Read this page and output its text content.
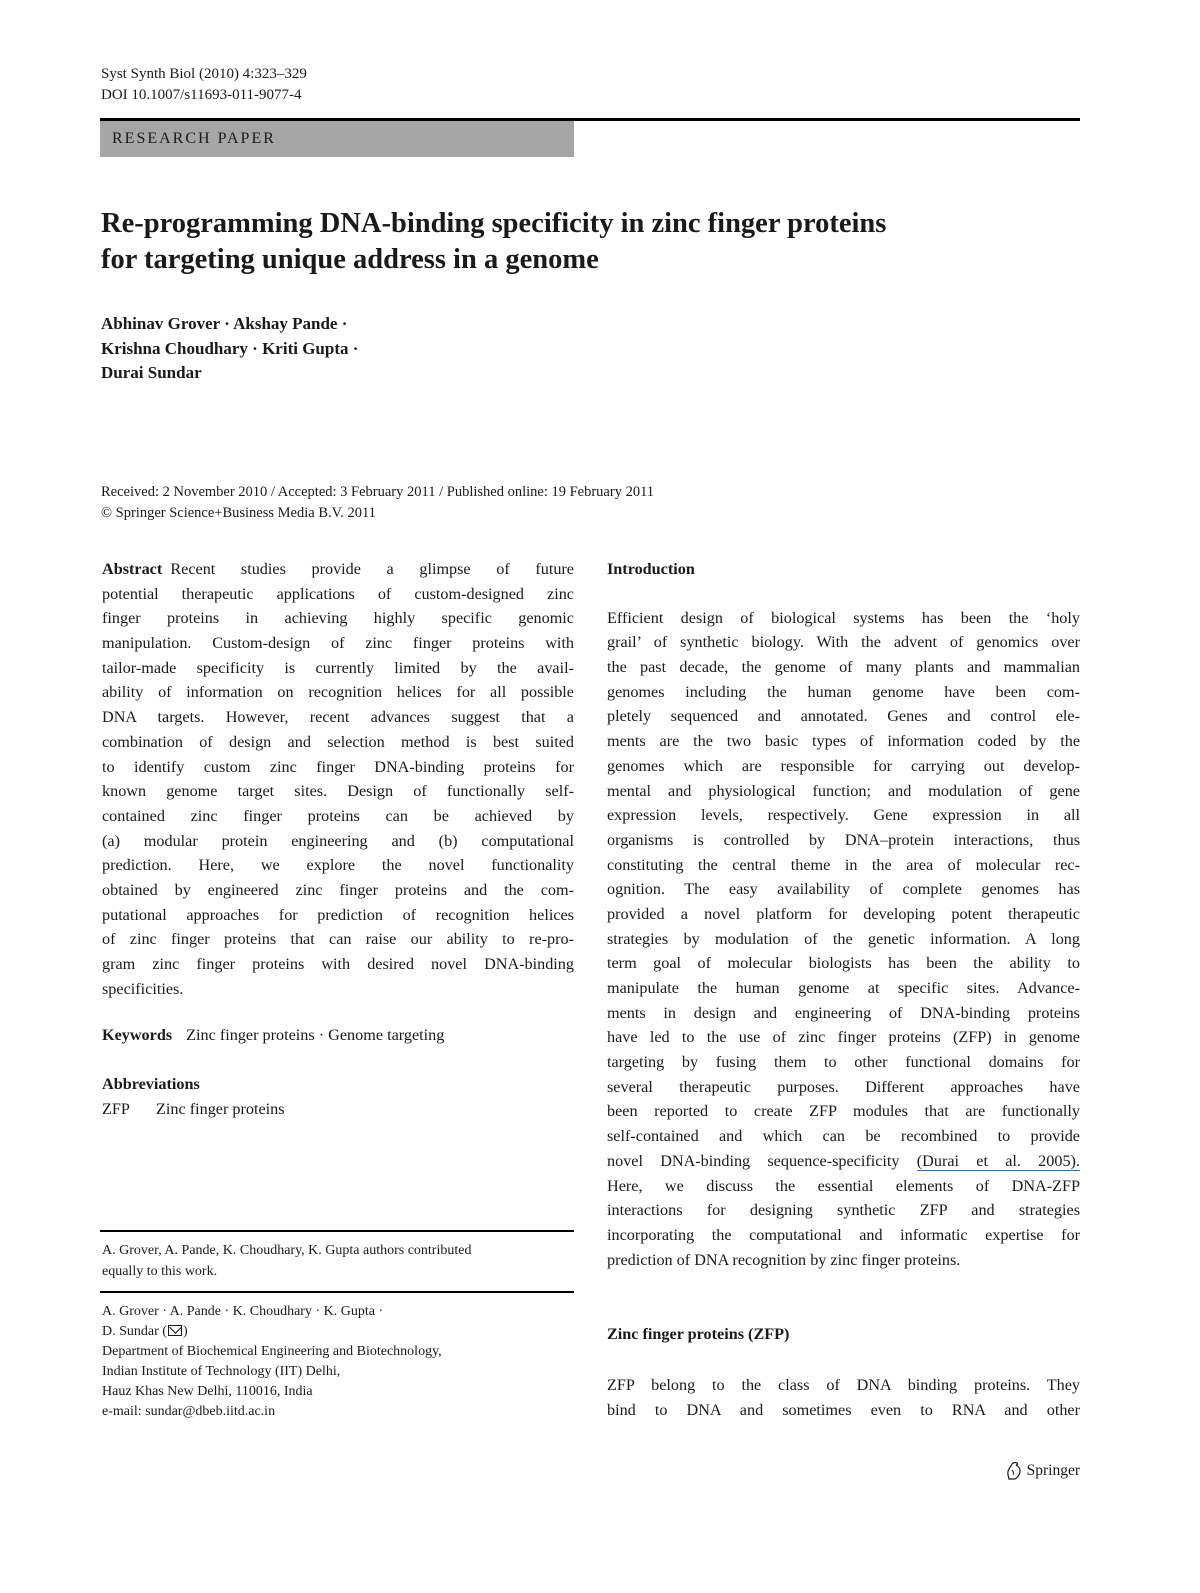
Syst Synth Biol (2010) 4:323–329
DOI 10.1007/s11693-011-9077-4
RESEARCH PAPER
Re-programming DNA-binding specificity in zinc finger proteins
for targeting unique address in a genome
Abhinav Grover · Akshay Pande ·
Krishna Choudhary · Kriti Gupta ·
Durai Sundar
Received: 2 November 2010 / Accepted: 3 February 2011 / Published online: 19 February 2011
© Springer Science+Business Media B.V. 2011
Abstract Recent studies provide a glimpse of future
potential therapeutic applications of custom-designed zinc
finger proteins in achieving highly specific genomic
manipulation. Custom-design of zinc finger proteins with
tailor-made specificity is currently limited by the avail-
ability of information on recognition helices for all possible
DNA targets. However, recent advances suggest that a
combination of design and selection method is best suited
to identify custom zinc finger DNA-binding proteins for
known genome target sites. Design of functionally self-
contained zinc finger proteins can be achieved by
(a) modular protein engineering and (b) computational
prediction. Here, we explore the novel functionality
obtained by engineered zinc finger proteins and the com-
putational approaches for prediction of recognition helices
of zinc finger proteins that can raise our ability to re-pro-
gram zinc finger proteins with desired novel DNA-binding
specificities.
Keywords Zinc finger proteins · Genome targeting
Abbreviations
ZFP Zinc finger proteins
A. Grover, A. Pande, K. Choudhary, K. Gupta authors contributed
equally to this work.
A. Grover · A. Pande · K. Choudhary · K. Gupta ·
D. Sundar ( )
Department of Biochemical Engineering and Biotechnology,
Indian Institute of Technology (IIT) Delhi,
Hauz Khas New Delhi, 110016, India
e-mail: sundar@dbeb.iitd.ac.in
Introduction
Efficient design of biological systems has been the ‘holy
grail’ of synthetic biology. With the advent of genomics over
the past decade, the genome of many plants and mammalian
genomes including the human genome have been com-
pletely sequenced and annotated. Genes and control ele-
ments are the two basic types of information coded by the
genomes which are responsible for carrying out develop-
mental and physiological function; and modulation of gene
expression levels, respectively. Gene expression in all
organisms is controlled by DNA–protein interactions, thus
constituting the central theme in the area of molecular rec-
ognition. The easy availability of complete genomes has
provided a novel platform for developing potent therapeutic
strategies by modulation of the genetic information. A long
term goal of molecular biologists has been the ability to
manipulate the human genome at specific sites. Advance-
ments in design and engineering of DNA-binding proteins
have led to the use of zinc finger proteins (ZFP) in genome
targeting by fusing them to other functional domains for
several therapeutic purposes. Different approaches have
been reported to create ZFP modules that are functionally
self-contained and which can be recombined to provide
novel DNA-binding sequence-specificity (Durai et al. 2005).
Here, we discuss the essential elements of DNA-ZFP
interactions for designing synthetic ZFP and strategies
incorporating the computational and informatic expertise for
prediction of DNA recognition by zinc finger proteins.
Zinc finger proteins (ZFP)
ZFP belong to the class of DNA binding proteins. They
bind to DNA and sometimes even to RNA and other
Springer
